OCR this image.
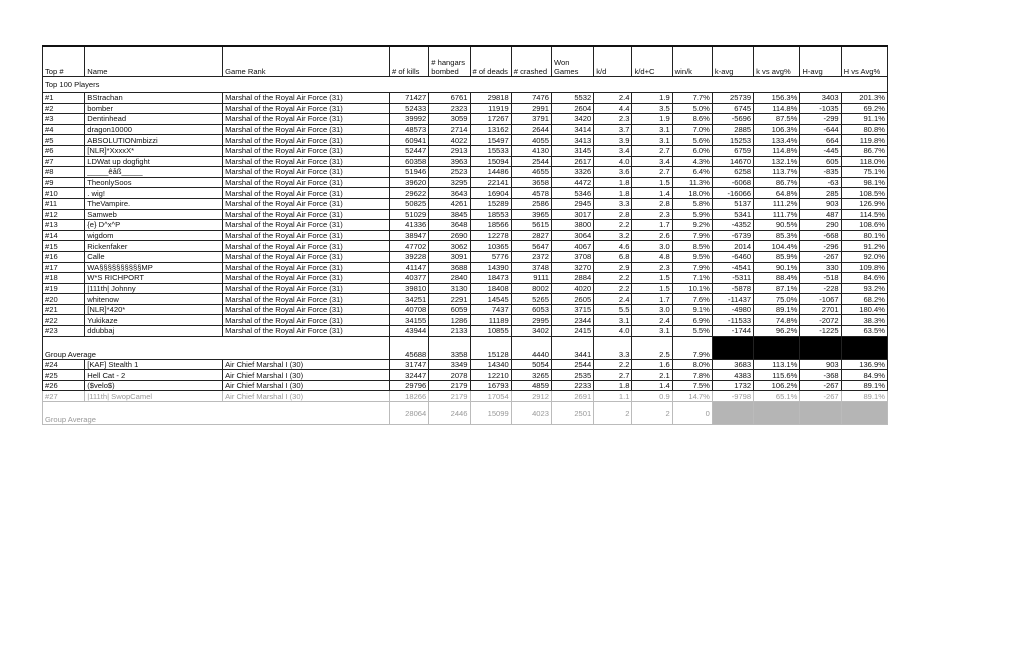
Top #	Name	Game Rank	# of kills	# hangars bombed	# of deads	# crashed	Won Games	k/d	k/d+C	win/k	k-avg	k vs avg%	H-avg	H vs Avg%
Top 100 Players														
#1	BStrachan	Marshal of the Royal Air Force (31)	71427	6761	29818	7476	5532	2.4	1.9	7.7%	25739	156.3%	3403	201.3%
#2	bomber	Marshal of the Royal Air Force (31)	52433	2323	11919	2991	2604	4.4	3.5	5.0%	6745	114.8%	-1035	69.2%
#3	Dentinhead	Marshal of the Royal Air Force (31)	39992	3059	17267	3791	3420	2.3	1.9	8.6%	-5696	87.5%	-299	91.1%
#4	dragon10000	Marshal of the Royal Air Force (31)	48573	2714	13162	2644	3414	3.7	3.1	7.0%	2885	106.3%	-644	80.8%
#5	ABSOLUTIONmbizzi	Marshal of the Royal Air Force (31)	60941	4022	15497	4055	3413	3.9	3.1	5.6%	15253	133.4%	664	119.8%
#6	[NLR]*XxxxX*	Marshal of the Royal Air Force (31)	52447	2913	15533	4130	3145	3.4	2.7	6.0%	6759	114.8%	-445	86.7%
#7	LDWat up dogfight	Marshal of the Royal Air Force (31)	60358	3963	15094	2544	2617	4.0	3.4	4.3%	14670	132.1%	605	118.0%
#8	_____êåß_____	Marshal of the Royal Air Force (31)	51946	2523	14486	4655	3326	3.6	2.7	6.4%	6258	113.7%	-835	75.1%
#9	TheonlySoos	Marshal of the Royal Air Force (31)	39620	3295	22141	3658	4472	1.8	1.5	11.3%	-6068	86.7%	-63	98.1%
#10	. wig!	Marshal of the Royal Air Force (31)	29622	3643	16904	4578	5346	1.8	1.4	18.0%	-16066	64.8%	285	108.5%
#11	TheVampire.	Marshal of the Royal Air Force (31)	50825	4261	15289	2586	2945	3.3	2.8	5.8%	5137	111.2%	903	126.9%
#12	Samweb	Marshal of the Royal Air Force (31)	51029	3845	18553	3965	3017	2.8	2.3	5.9%	5341	111.7%	487	114.5%
#13	{e} D^x^P	Marshal of the Royal Air Force (31)	41336	3648	18566	5615	3800	2.2	1.7	9.2%	-4352	90.5%	290	108.6%
#14	wigdom	Marshal of the Royal Air Force (31)	38947	2690	12278	2827	3064	3.2	2.6	7.9%	-6739	85.3%	-668	80.1%
#15	Rickenfaker	Marshal of the Royal Air Force (31)	47702	3062	10365	5647	4067	4.6	3.0	8.5%	2014	104.4%	-296	91.2%
#16	Calle	Marshal of the Royal Air Force (31)	39228	3091	5776	2372	3708	6.8	4.8	9.5%	-6460	85.9%	-267	92.0%
#17	WA§§§§§§§§§§MP	Marshal of the Royal Air Force (31)	41147	3688	14390	3748	3270	2.9	2.3	7.9%	-4541	90.1%	330	109.8%
#18	W*S RICHPORT	Marshal of the Royal Air Force (31)	40377	2840	18473	9111	2884	2.2	1.5	7.1%	-5311	88.4%	-518	84.6%
#19	|111th| Johnny	Marshal of the Royal Air Force (31)	39810	3130	18408	8002	4020	2.2	1.5	10.1%	-5878	87.1%	-228	93.2%
#20	whitenow	Marshal of the Royal Air Force (31)	34251	2291	14545	5265	2605	2.4	1.7	7.6%	-11437	75.0%	-1067	68.2%
#21	[NLR]*420*	Marshal of the Royal Air Force (31)	40708	6059	7437	6053	3715	5.5	3.0	9.1%	-4980	89.1%	2701	180.4%
#22	Yukikaze	Marshal of the Royal Air Force (31)	34155	1286	11189	2995	2344	3.1	2.4	6.9%	-11533	74.8%	-2072	38.3%
#23	ddubbaj	Marshal of the Royal Air Force (31)	43944	2133	10855	3402	2415	4.0	3.1	5.5%	-1744	96.2%	-1225	63.5%
Group Average			45688	3358	15128	4440	3441	3.3	2.5	7.9%				
#24	[KAF] Stealth 1	Air Chief Marshal I (30)	31747	3349	14340	5054	2544	2.2	1.6	8.0%	3683	113.1%	903	136.9%
#25	Hell Cat - 2	Air Chief Marshal I (30)	32447	2078	12210	3265	2535	2.7	2.1	7.8%	4383	115.6%	-368	84.9%
#26	($velo$)	Air Chief Marshal I (30)	29796	2179	16793	4859	2233	1.8	1.4	7.5%	1732	106.2%	-267	89.1%
#27	|111th| SwopCamel	Air Chief Marshal I (30)	18266	2179	17054	2912	2691	1.1	0.9	14.7%	-9798	65.1%	-267	89.1%
Group Average			28064	2446	15099	4023	2501	2	2	0				
